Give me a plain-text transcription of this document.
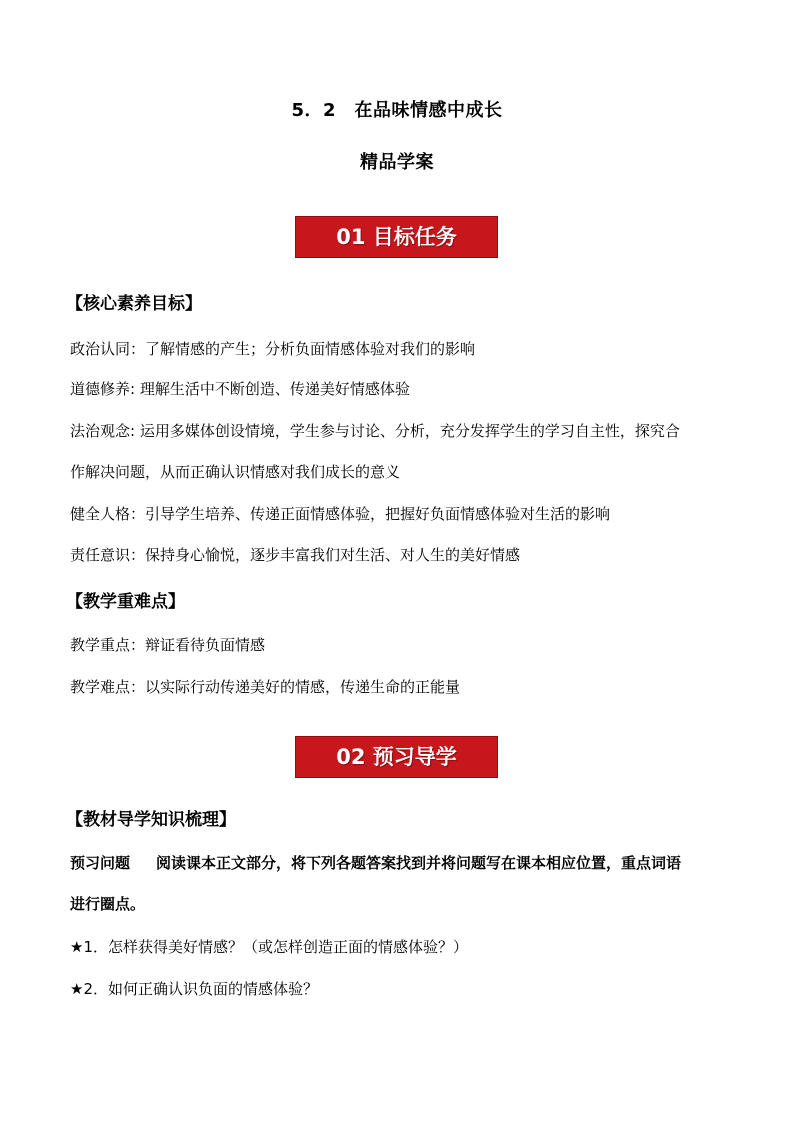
5．2　在品味情感中成长
精品学案
01 目标任务
【核心素养目标】
政治认同：了解情感的产生；分析负面情感体验对我们的影响
道德修养: 理解生活中不断创造、传递美好情感体验
法治观念: 运用多媒体创设情境，学生参与讨论、分析，充分发挥学生的学习自主性，探究合
作解决问题，从而正确认识情感对我们成长的意义
健全人格：引导学生培养、传递正面情感体验，把握好负面情感体验对生活的影响
责任意识：保持身心愉悦，逐步丰富我们对生活、对人生的美好情感
【教学重难点】
教学重点：辩证看待负面情感
教学难点：以实际行动传递美好的情感，传递生命的正能量
02 预习导学
【教材导学知识梳理】
预习问题 阅读课本正文部分，将下列各题答案找到并将问题写在课本相应位置，重点词语
进行圈点。
★1．怎样获得美好情感？（或怎样创造正面的情感体验？）
★2．如何正确认识负面的情感体验？
